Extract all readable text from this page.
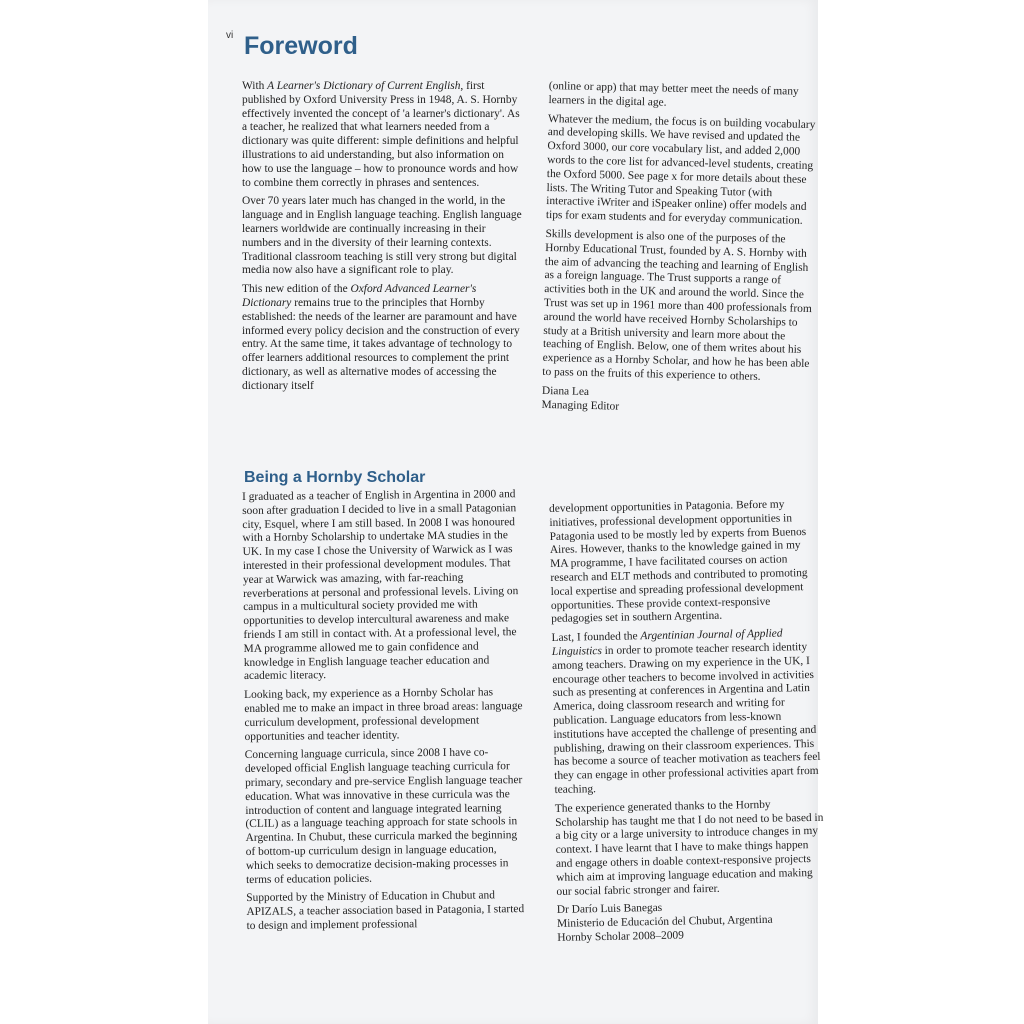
vi Foreword

With A Learner's Dictionary of Current English, first published by Oxford University Press in 1948, A. S. Hornby effectively invented the concept of 'a learner's dictionary'. As a teacher, he realized that what learners needed from a dictionary was quite different: simple definitions and helpful illustrations to aid understanding, but also information on how to use the language – how to pronounce words and how to combine them correctly in phrases and sentences.

Over 70 years later much has changed in the world, in the language and in English language teaching. English language learners worldwide are continually increasing in their numbers and in the diversity of their learning contexts. Traditional classroom teaching is still very strong but digital media now also have a significant role to play.

This new edition of the Oxford Advanced Learner's Dictionary remains true to the principles that Hornby established: the needs of the learner are paramount and have informed every policy decision and the construction of every entry. At the same time, it takes advantage of technology to offer learners additional resources to complement the print dictionary, as well as alternative modes of accessing the dictionary itself

(online or app) that may better meet the needs of many learners in the digital age.

Whatever the medium, the focus is on building vocabulary and developing skills. We have revised and updated the Oxford 3000, our core vocabulary list, and added 2,000 words to the core list for advanced-level students, creating the Oxford 5000. See page x for more details about these lists. The Writing Tutor and Speaking Tutor (with interactive iWriter and iSpeaker online) offer models and tips for exam students and for everyday communication.

Skills development is also one of the purposes of the Hornby Educational Trust, founded by A. S. Hornby with the aim of advancing the teaching and learning of English as a foreign language. The Trust supports a range of activities both in the UK and around the world. Since the Trust was set up in 1961 more than 400 professionals from around the world have received Hornby Scholarships to study at a British university and learn more about the teaching of English. Below, one of them writes about his experience as a Hornby Scholar, and how he has been able to pass on the fruits of this experience to others.

Diana Lea
Managing Editor
Being a Hornby Scholar

I graduated as a teacher of English in Argentina in 2000 and soon after graduation I decided to live in a small Patagonian city, Esquel, where I am still based. In 2008 I was honoured with a Hornby Scholarship to undertake MA studies in the UK. In my case I chose the University of Warwick as I was interested in their professional development modules. That year at Warwick was amazing, with far-reaching reverberations at personal and professional levels. Living on campus in a multicultural society provided me with opportunities to develop intercultural awareness and make friends I am still in contact with. At a professional level, the MA programme allowed me to gain confidence and knowledge in English language teacher education and academic literacy.

Looking back, my experience as a Hornby Scholar has enabled me to make an impact in three broad areas: language curriculum development, professional development opportunities and teacher identity.

Concerning language curricula, since 2008 I have co-developed official English language teaching curricula for primary, secondary and pre-service English language teacher education. What was innovative in these curricula was the introduction of content and language integrated learning (CLIL) as a language teaching approach for state schools in Argentina. In Chubut, these curricula marked the beginning of bottom-up curriculum design in language education, which seeks to democratize decision-making processes in terms of education policies.

Supported by the Ministry of Education in Chubut and APIZALS, a teacher association based in Patagonia, I started to design and implement professional

development opportunities in Patagonia. Before my initiatives, professional development opportunities in Patagonia used to be mostly led by experts from Buenos Aires. However, thanks to the knowledge gained in my MA programme, I have facilitated courses on action research and ELT methods and contributed to promoting local expertise and spreading professional development opportunities. These provide context-responsive pedagogies set in southern Argentina.

Last, I founded the Argentinian Journal of Applied Linguistics in order to promote teacher research identity among teachers. Drawing on my experience in the UK, I encourage other teachers to become involved in activities such as presenting at conferences in Argentina and Latin America, doing classroom research and writing for publication. Language educators from less-known institutions have accepted the challenge of presenting and publishing, drawing on their classroom experiences. This has become a source of teacher motivation as teachers feel they can engage in other professional activities apart from teaching.

The experience generated thanks to the Hornby Scholarship has taught me that I do not need to be based in a big city or a large university to introduce changes in my context. I have learnt that I have to make things happen and engage others in doable context-responsive projects which aim at improving language education and making our social fabric stronger and fairer.

Dr Darío Luis Banegas
Ministerio de Educación del Chubut, Argentina
Hornby Scholar 2008–2009
